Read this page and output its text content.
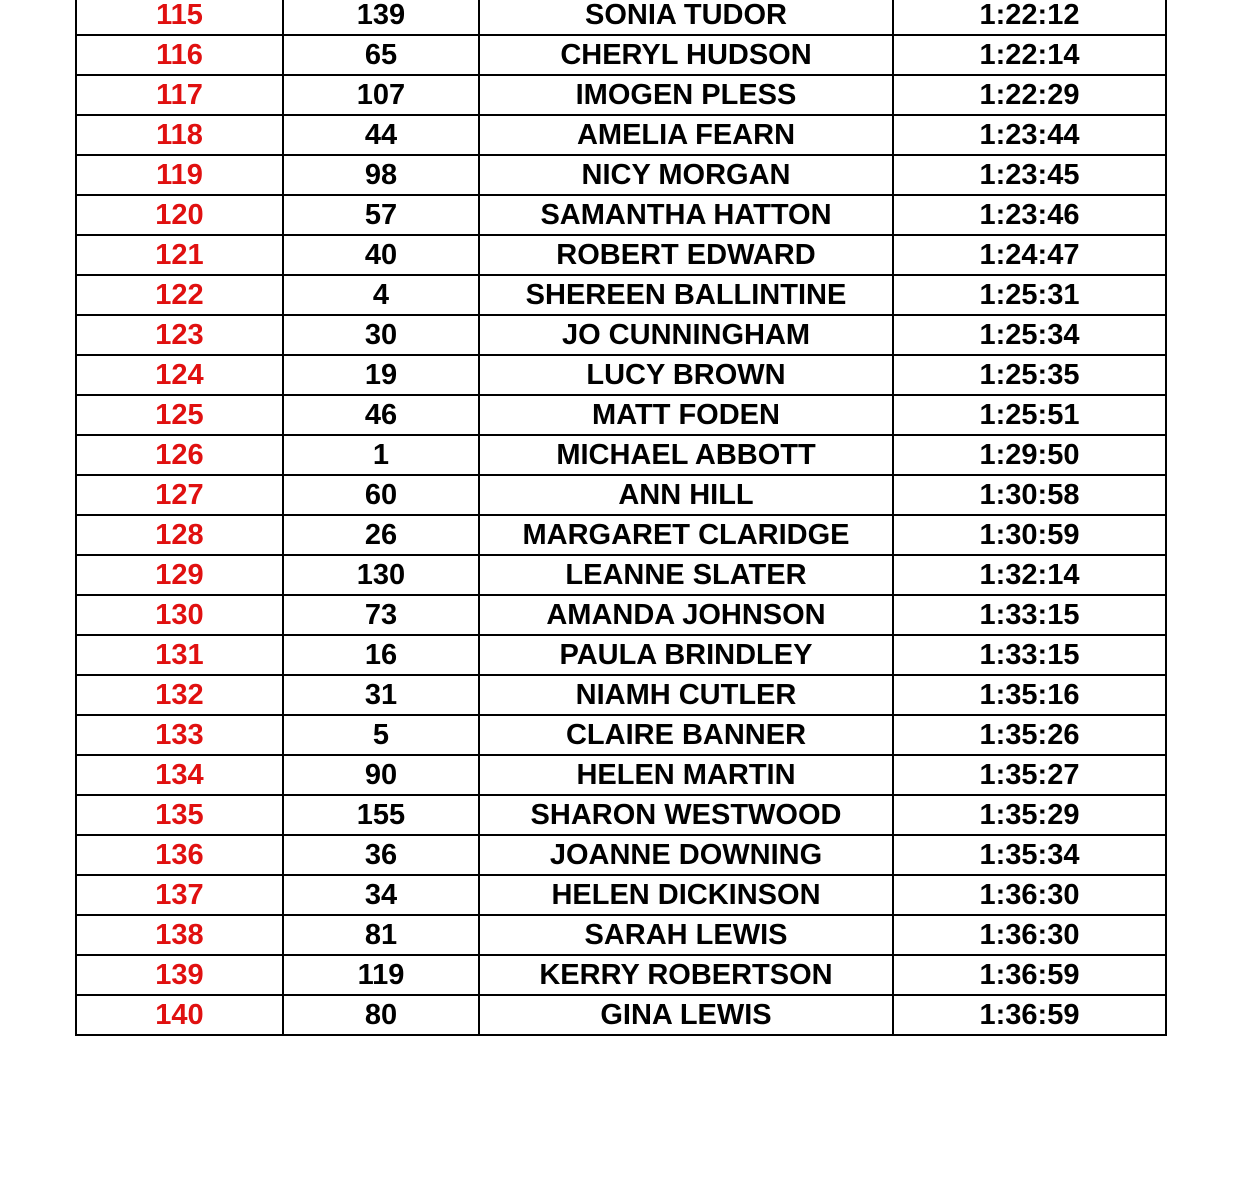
115	139	SONIA TUDOR	1:22:12
116	65	CHERYL HUDSON	1:22:14
117	107	IMOGEN PLESS	1:22:29
118	44	AMELIA FEARN	1:23:44
119	98	NICY MORGAN	1:23:45
120	57	SAMANTHA HATTON	1:23:46
121	40	ROBERT EDWARD	1:24:47
122	4	SHEREEN BALLINTINE	1:25:31
123	30	JO CUNNINGHAM	1:25:34
124	19	LUCY BROWN	1:25:35
125	46	MATT FODEN	1:25:51
126	1	MICHAEL ABBOTT	1:29:50
127	60	ANN HILL	1:30:58
128	26	MARGARET CLARIDGE	1:30:59
129	130	LEANNE SLATER	1:32:14
130	73	AMANDA JOHNSON	1:33:15
131	16	PAULA BRINDLEY	1:33:15
132	31	NIAMH CUTLER	1:35:16
133	5	CLAIRE BANNER	1:35:26
134	90	HELEN MARTIN	1:35:27
135	155	SHARON WESTWOOD	1:35:29
136	36	JOANNE DOWNING	1:35:34
137	34	HELEN DICKINSON	1:36:30
138	81	SARAH LEWIS	1:36:30
139	119	KERRY ROBERTSON	1:36:59
140	80	GINA LEWIS	1:36:59
